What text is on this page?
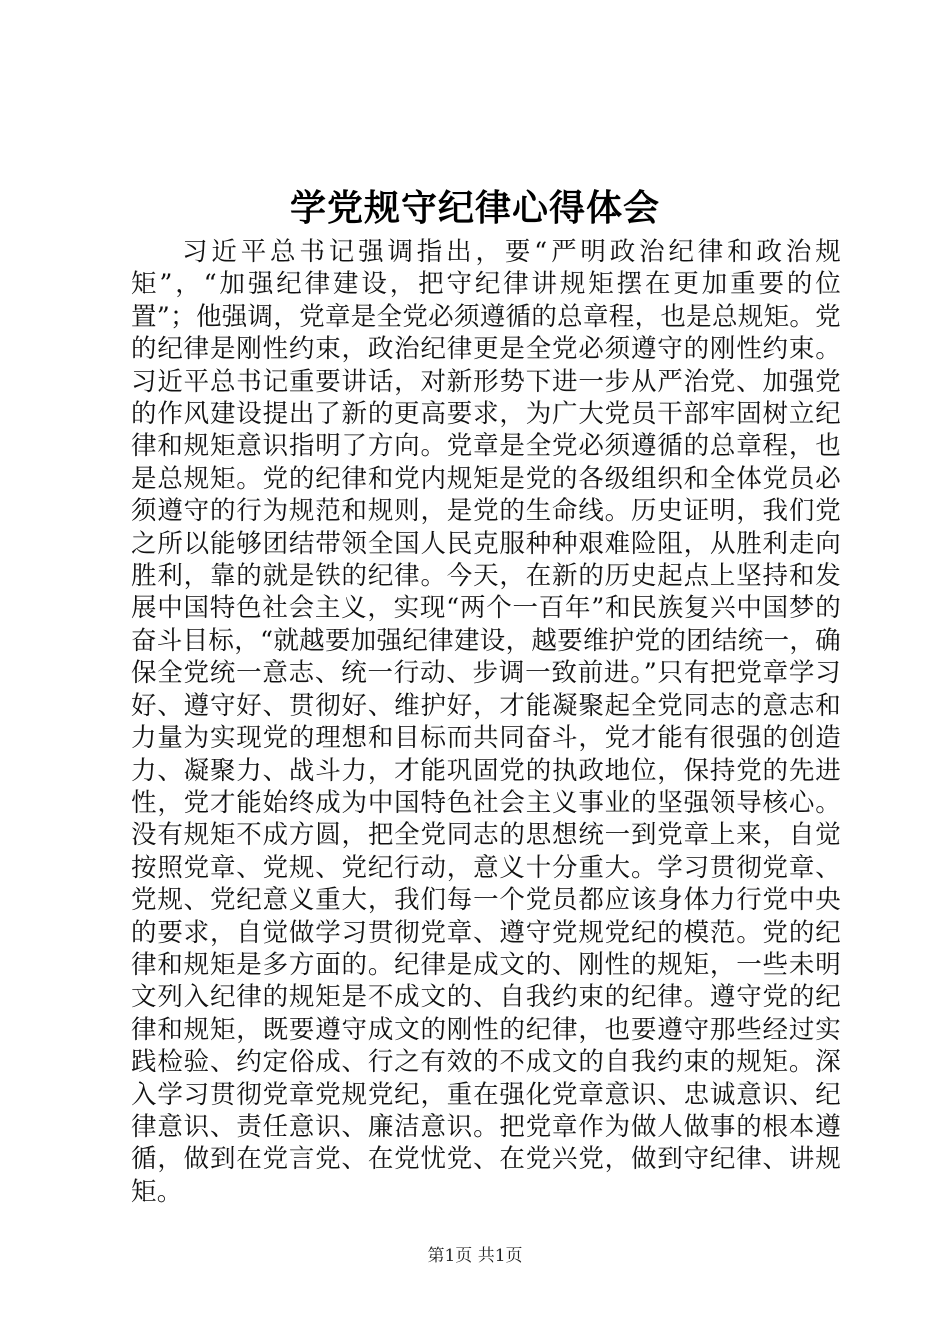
学党规守纪律心得体会

习近平总书记强调指出，要“严明政治纪律和政治规矩”，“加强纪律建设，把守纪律讲规矩摆在更加重要的位置”；他强调，党章是全党必须遵循的总章程，也是总规矩。党的纪律是刚性约束，政治纪律更是全党必须遵守的刚性约束。习近平总书记重要讲话，对新形势下进一步从严治党、加强党的作风建设提出了新的更高要求，为广大党员干部牢固树立纪律和规矩意识指明了方向。党章是全党必须遵循的总章程，也是总规矩。党的纪律和党内规矩是党的各级组织和全体党员必须遵守的行为规范和规则，是党的生命线。历史证明，我们党之所以能够团结带领全国人民克服种种艰难险阻，从胜利走向胜利，靠的就是铁的纪律。今天，在新的历史起点上坚持和发展中国特色社会主义，实现“两个一百年”和民族复兴中国梦的奋斗目标，“就越要加强纪律建设，越要维护党的团结统一，确保全党统一意志、统一行动、步调一致前进。”只有把党章学习好、遵守好、贯彻好、维护好，才能凝聚起全党同志的意志和力量为实现党的理想和目标而共同奋斗，党才能有很强的创造力、凝聚力、战斗力，才能巩固党的执政地位，保持党的先进性，党才能始终成为中国特色社会主义事业的坚强领导核心。没有规矩不成方圆，把全党同志的思想统一到党章上来，自觉按照党章、党规、党纪行动，意义十分重大。学习贯彻党章、党规、党纪意义重大，我们每一个党员都应该身体力行党中央的要求，自觉做学习贯彻党章、遵守党规党纪的模范。党的纪律和规矩是多方面的。纪律是成文的、刚性的规矩，一些未明文列入纪律的规矩是不成文的、自我约束的纪律。遵守党的纪律和规矩，既要遵守成文的刚性的纪律，也要遵守那些经过实践检验、约定俗成、行之有效的不成文的自我约束的规矩。深入学习贯彻党章党规党纪，重在强化党章意识、忠诚意识、纪律意识、责任意识、廉洁意识。把党章作为做人做事的根本遵循，做到在党言党、在党忧党、在党兴党，做到守纪律、讲规矩。

第1页 共1页
